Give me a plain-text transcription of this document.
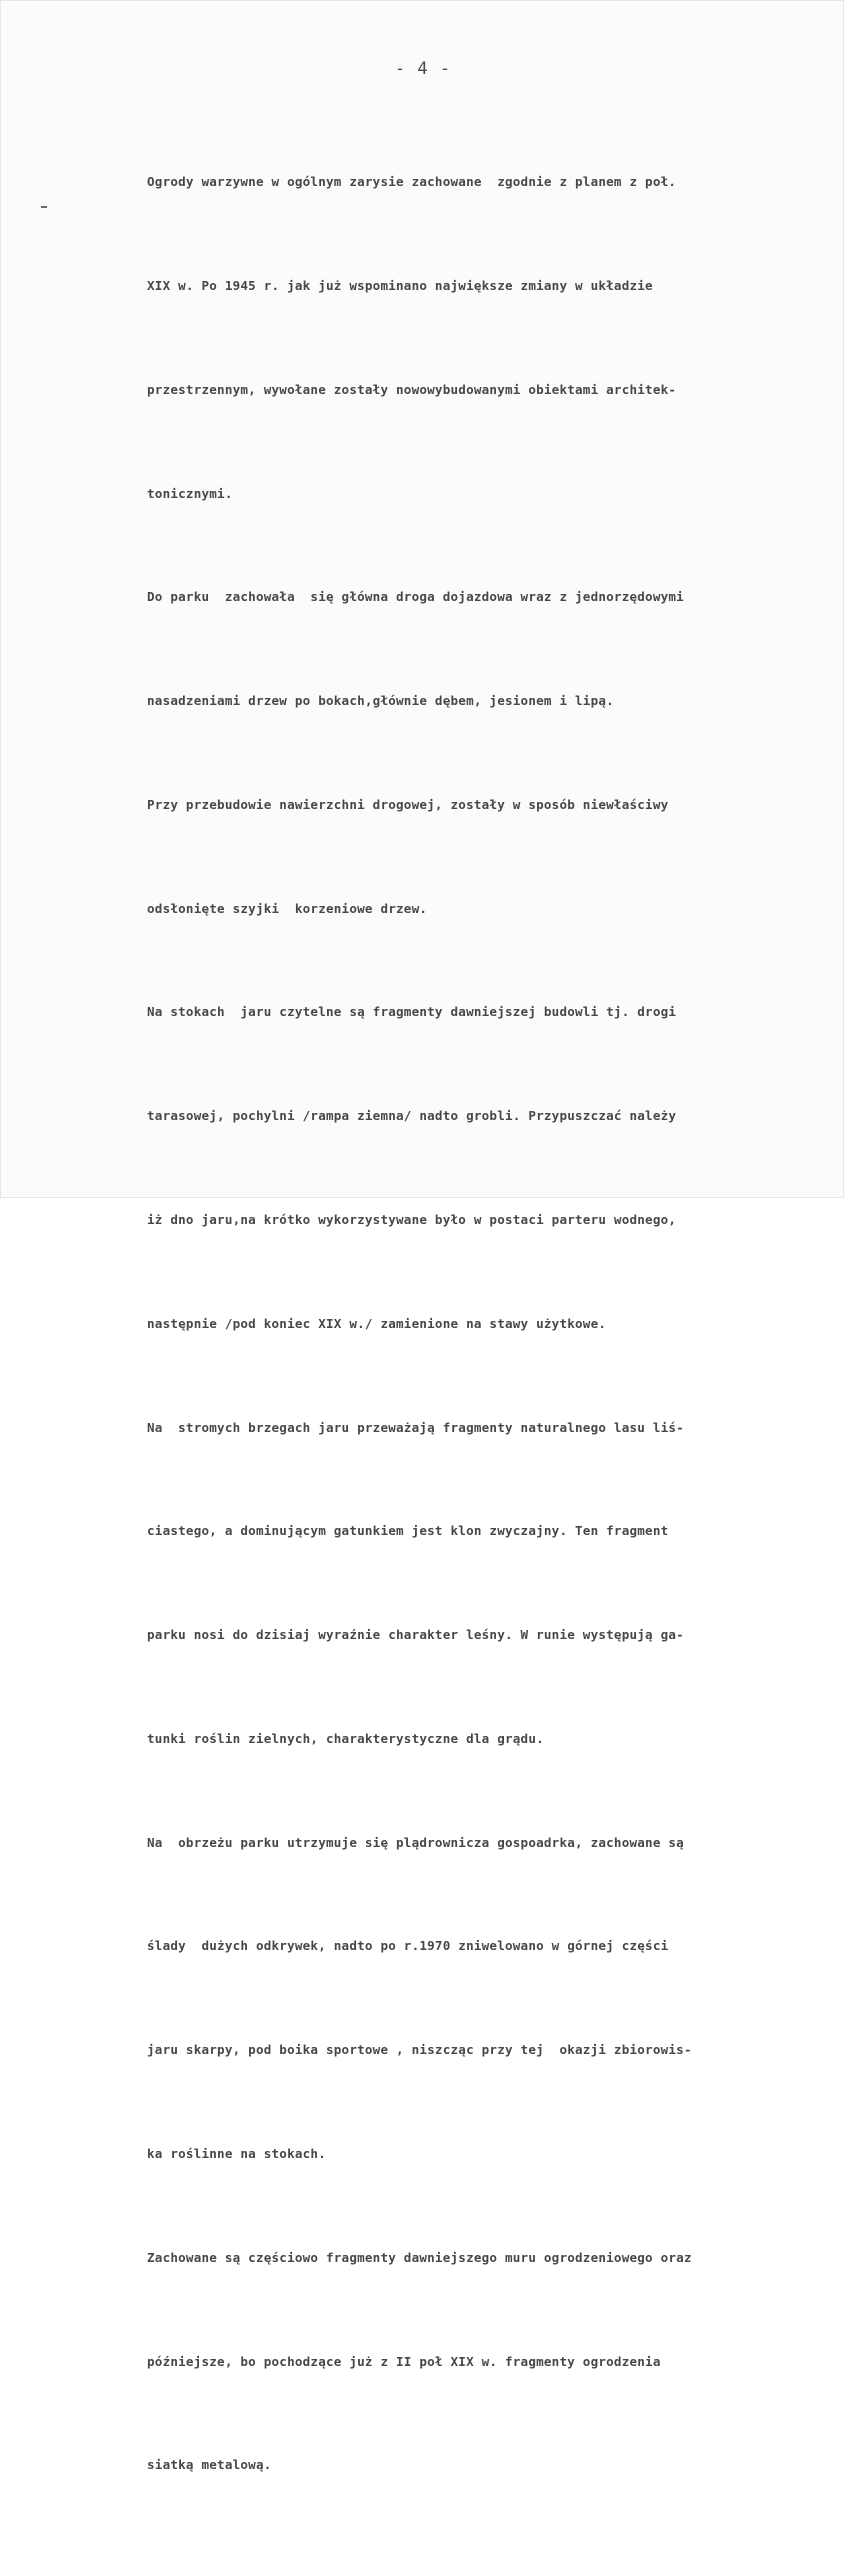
- 4 -

Ogrody warzywne w ogólnym zarysie zachowane  zgodnie z planem z poł.

XIX w. Po 1945 r. jak już wspominano największe zmiany w układzie

przestrzennym, wywołane zostały nowowybudowanymi obiektami architek-

tonicznymi.

Do parku  zachowała  się główna droga dojazdowa wraz z jednorzędowymi

nasadzeniami drzew po bokach,głównie dębem, jesionem i lipą.

Przy przebudowie nawierzchni drogowej, zostały w sposób niewłaściwy

odsłonięte szyjki  korzeniowe drzew.

Na stokach  jaru czytelne są fragmenty dawniejszej budowli tj. drogi

tarasowej, pochylni /rampa ziemna/ nadto grobli. Przypuszczać należy

iż dno jaru,na krótko wykorzystywane było w postaci parteru wodnego,

następnie /pod koniec XIX w./ zamienione na stawy użytkowe.

Na  stromych brzegach jaru przeważają fragmenty naturalnego lasu liś-

ciastego, a dominującym gatunkiem jest klon zwyczajny. Ten fragment

parku nosi do dzisiaj wyraźnie charakter leśny. W runie występują ga-

tunki roślin zielnych, charakterystyczne dla grądu.

Na  obrzeżu parku utrzymuje się plądrownicza gospoadrka, zachowane są

ślady  dużych odkrywek, nadto po r.1970 zniwelowano w górnej części

jaru skarpy, pod boika sportowe , niszcząc przy tej  okazji zbiorowis-

ka roślinne na stokach.

Zachowane są częściowo fragmenty dawniejszego muru ogrodzeniowego oraz

późniejsze, bo pochodzące już z II poł XIX w. fragmenty ogrodzenia

siatką metalową.
